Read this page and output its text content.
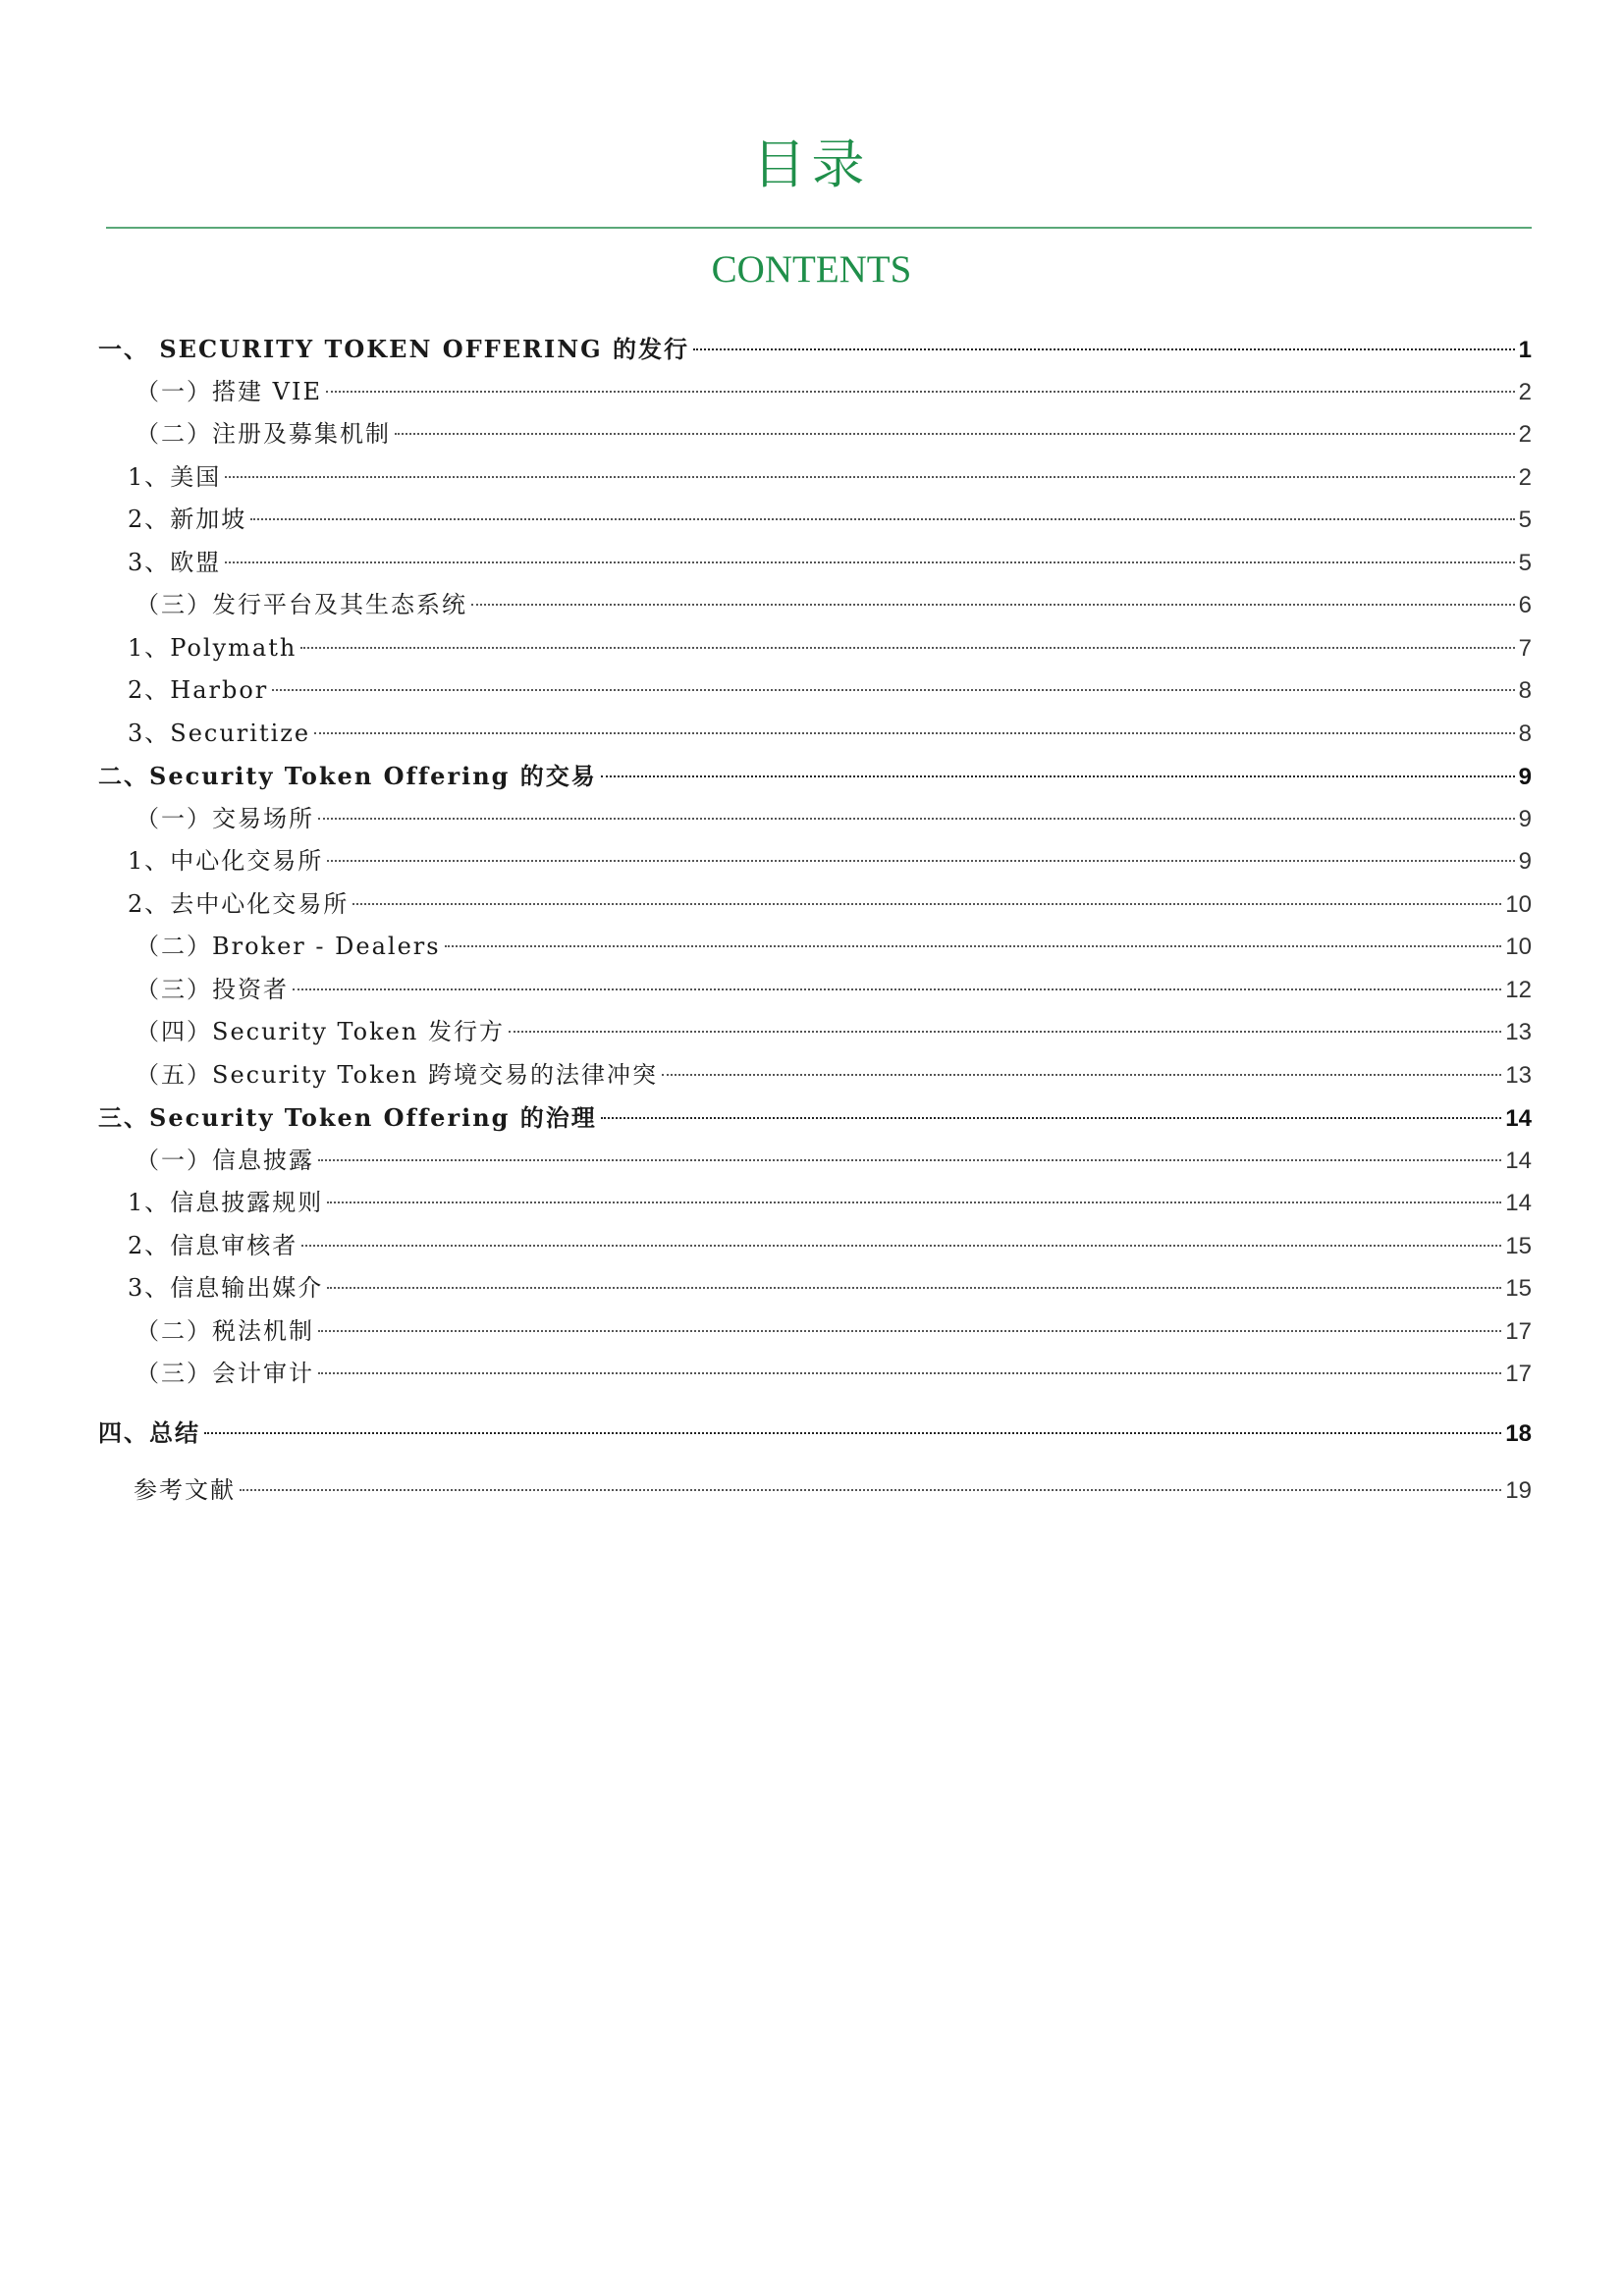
目录
CONTENTS
一、 SECURITY TOKEN OFFERING 的发行	1
（一）搭建 VIE	2
（二）注册及募集机制	2
1、美国	2
2、新加坡	5
3、欧盟	5
（三）发行平台及其生态系统	6
1、Polymath	7
2、Harbor	8
3、Securitize	8
二、Security Token Offering 的交易	9
（一）交易场所	9
1、中心化交易所	9
2、去中心化交易所	10
（二）Broker - Dealers	10
（三）投资者	12
（四）Security Token 发行方	13
（五）Security Token 跨境交易的法律冲突	13
三、Security Token Offering 的治理	14
（一）信息披露	14
1、信息披露规则	14
2、信息审核者	15
3、信息输出媒介	15
（二）税法机制	17
（三）会计审计	17
四、总结	18
参考文献	19
